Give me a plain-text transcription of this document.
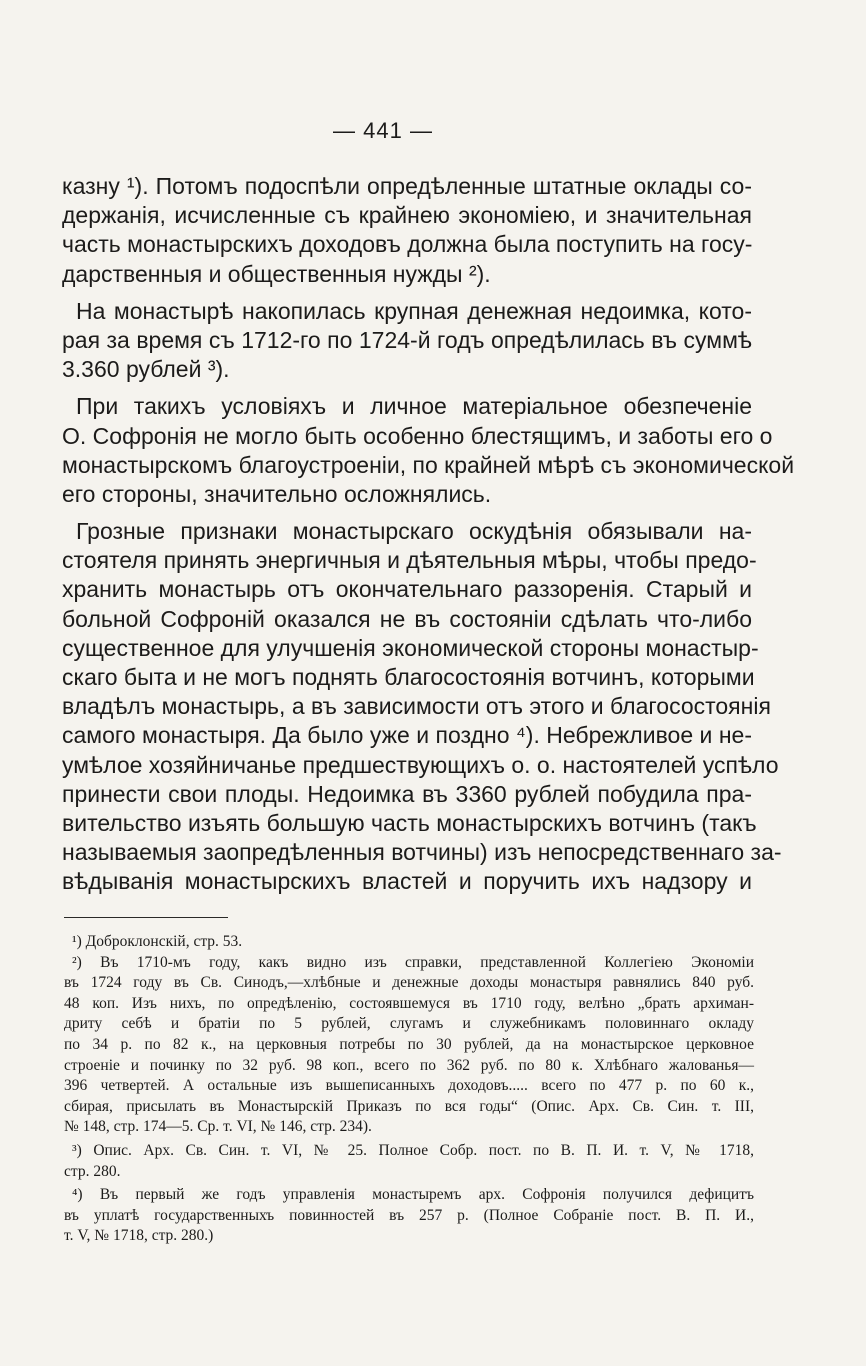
— 441 —
казну ¹). Потомъ подоспѣли опредѣленные штатные оклады со-
держанія, исчисленные съ крайнею экономіею, и значительная
часть монастырскихъ доходовъ должна была поступить на госу-
дарственныя и общественныя нужды ²).
На монастырѣ накопилась крупная денежная недоимка, кото-
рая за время съ 1712-го по 1724-й годъ опредѣлилась въ суммѣ
3.360 рублей ³).
При такихъ условіяхъ и личное матеріальное обезпеченіе
О. Софронія не могло быть особенно блестящимъ, и заботы его о
монастырскомъ благоустроеніи, по крайней мѣрѣ съ экономической
его стороны, значительно осложнялись.
Грозные признаки монастырскаго оскудѣнія обязывали на-
стоятеля принять энергичныя и дѣятельныя мѣры, чтобы предо-
хранить монастырь отъ окончательнаго раззоренія. Старый и
больной Софроній оказался не въ состояніи сдѣлать что-либо
существенное для улучшенія экономической стороны монастыр-
скаго быта и не могъ поднять благосостоянія вотчинъ, которыми
владѣлъ монастырь, а въ зависимости отъ этого и благосостоянія
самого монастыря. Да было уже и поздно ⁴). Небрежливое и не-
умѣлое хозяйничанье предшествующихъ о. о. настоятелей успѣло
принести свои плоды. Недоимка въ 3360 рублей побудила пра-
вительство изъять большую часть монастырскихъ вотчинъ (такъ
называемыя заопредѣленныя вотчины) изъ непосредственнаго за-
вѣдыванія монастырскихъ властей и поручить ихъ надзору и
¹) Доброклонскій, стр. 53.
²) Въ 1710-мъ году, какъ видно изъ справки, представленной Коллегіею Экономіи
въ 1724 году въ Св. Синодъ,—хлѣбные и денежные доходы монастыря равнялись 840 руб.
48 коп. Изъ нихъ, по опредѣленію, состоявшемуся въ 1710 году, велѣно „брать архиман-
дриту себѣ и братіи по 5 рублей, слугамъ и служебникамъ половиннаго окладу
по 34 р. по 82 к., на церковныя потребы по 30 рублей, да на монастырское церковное
строеніе и починку по 32 руб. 98 коп., всего по 362 руб. по 80 к. Хлѣбнаго жалованья—
396 четвертей. А остальные изъ вышеписанныхъ доходовъ..... всего по 477 р. по 60 к.,
сбирая, присылать въ Монастырскій Приказъ по вся годы“ (Опис. Арх. Св. Син. т. III,
№ 148, стр. 174—5. Ср. т. VI, № 146, стр. 234).
³) Опис. Арх. Св. Син. т. VI, № 25. Полное Собр. пост. по В. П. И. т. V, № 1718,
стр. 280.
⁴) Въ первый же годъ управленія монастыремъ арх. Софронія получился дефицитъ
въ уплатѣ государственныхъ повинностей въ 257 р. (Полное Собраніе пост. В. П. И.,
т. V, № 1718, стр. 280.)
